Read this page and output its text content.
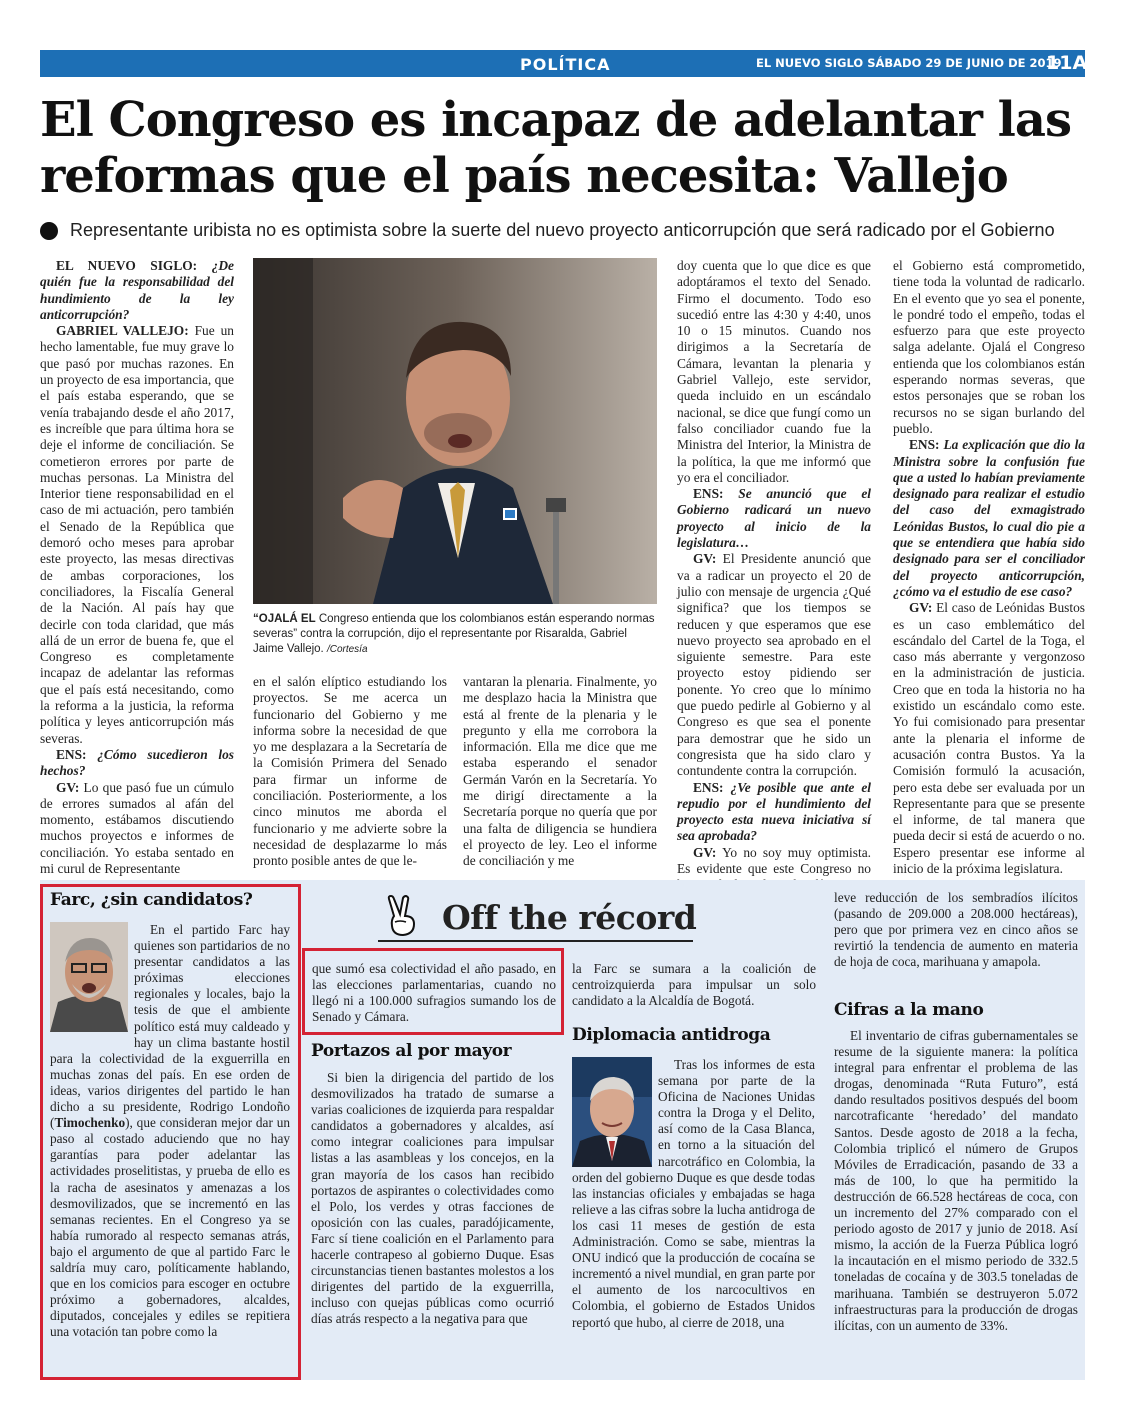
POLÍTICA	EL NUEVO SIGLO SÁBADO 29 DE JUNIO DE 2019
11A
El Congreso es incapaz de adelantar las reformas que el país necesita: Vallejo
Representante uribista no es optimista sobre la suerte del nuevo proyecto anticorrupción que será radicado por el Gobierno

EL NUEVO SIGLO: ¿De quién fue la responsabilidad del hundimiento de la ley anticorrupción?

GABRIEL VALLEJO: Fue un hecho lamentable, fue muy grave lo que pasó por muchas razones. En un proyecto de esa importancia, que el país estaba esperando, que se venía trabajando desde el año 2017, es increíble que para última hora se deje el informe de conciliación. Se cometieron errores por parte de muchas personas. La Ministra del Interior tiene responsabilidad en el caso de mi actuación, pero también el Senado de la República que demoró ocho meses para aprobar este proyecto, las mesas directivas de ambas corporaciones, los conciliadores, la Fiscalía General de la Nación. Al país hay que decirle con toda claridad, que más allá de un error de buena fe, que el Congreso es completamente incapaz de adelantar las reformas que el país está necesitando, como la reforma a la justicia, la reforma política y leyes anticorrupción más severas.

ENS: ¿Cómo sucedieron los hechos?

GV: Lo que pasó fue un cúmulo de errores sumados al afán del momento, estábamos discutiendo muchos proyectos e informes de conciliación. Yo estaba sentado en mi curul de Representante

“OJALÁ EL Congreso entienda que los colombianos están esperando normas severas” contra la corrupción, dijo el representante por Risaralda, Gabriel Jaime Vallejo. /Cortesía

en el salón elíptico estudiando los proyectos. Se me acerca un funcionario del Gobierno y me informa sobre la necesidad de que yo me desplazara a la Secretaría de la Comisión Primera del Senado para firmar un informe de conciliación. Posteriormente, a los cinco minutos me aborda el funcionario y me advierte sobre la necesidad de desplazarme lo más pronto posible antes de que le-

vantaran la plenaria. Finalmente, yo me desplazo hacia la Ministra que está al frente de la plenaria y le pregunto y ella me corrobora la información. Ella me dice que me estaba esperando el senador Germán Varón en la Secretaría. Yo me dirigí directamente a la Secretaría porque no quería que por una falta de diligencia se hundiera el proyecto de ley. Leo el informe de conciliación y me

doy cuenta que lo que dice es que adoptáramos el texto del Senado. Firmo el documento. Todo eso sucedió entre las 4:30 y 4:40, unos 10 o 15 minutos. Cuando nos dirigimos a la Secretaría de Cámara, levantan la plenaria y Gabriel Vallejo, este servidor, queda incluido en un escándalo nacional, se dice que fungí como un falso conciliador cuando fue la Ministra del Interior, la Ministra de la política, la que me informó que yo era el conciliador.

ENS: Se anunció que el Gobierno radicará un nuevo proyecto al inicio de la legislatura…

GV: El Presidente anunció que va a radicar un proyecto el 20 de julio con mensaje de urgencia ¿Qué significa? que los tiempos se reducen y que esperamos que ese nuevo proyecto sea aprobado en el siguiente semestre. Para este proyecto estoy pidiendo ser ponente. Yo creo que lo mínimo que puedo pedirle al Gobierno y al Congreso es que sea el ponente para demostrar que he sido un congresista que ha sido claro y contundente contra la corrupción.

ENS: ¿Ve posible que ante el repudio por el hundimiento del proyecto esta nueva iniciativa sí sea aprobada?

GV: Yo no soy muy optimista. Es evidente que este Congreso no

el Gobierno está comprometido, tiene toda la voluntad de radicarlo. En el evento que yo sea el ponente, le pondré todo el empeño, todas el esfuerzo para que este proyecto salga adelante. Ojalá el Congreso entienda que los colombianos están esperando normas severas, que estos personajes que se roban los recursos no se sigan burlando del pueblo.

ENS: La explicación que dio la Ministra sobre la confusión fue que a usted lo habían previamente designado para realizar el estudio del caso del exmagistrado Leónidas Bustos, lo cual dio pie a que se entendiera que había sido designado para ser el conciliador del proyecto anticorrupción, ¿cómo va el estudio de ese caso?

GV: El caso de Leónidas Bustos es un caso emblemático del escándalo del Cartel de la Toga, el caso más aberrante y vergonzoso en la administración de justicia. Creo que en toda la historia no ha existido un escándalo como este. Yo fui comisionado para presentar ante la plenaria el informe de acusación contra Bustos. Ya la Comisión formuló la acusación, pero esta debe ser evaluada por un Representante para que se presente el informe, de tal manera que pueda decir si está de acuerdo o no. Espero presentar ese informe al inicio de la próxima legislatura.

Off the récord
Farc, ¿sin candidatos?

En el partido Farc hay quienes son partidarios de no presentar candidatos a las próximas elecciones regionales y locales, bajo la tesis de que el ambiente político está muy caldeado y hay un clima bastante hostil para la colectividad de la exguerrilla en muchas zonas del país. En ese orden de ideas, varios dirigentes del partido le han dicho a su presidente, Rodrigo Londoño (Timochenko), que consideran mejor dar un paso al costado aduciendo que no hay garantías para poder adelantar las actividades proselitistas, y prueba de ello es la racha de asesinatos y amenazas a los desmovilizados, que se incrementó en las semanas recientes. En el Congreso ya se había rumorado al respecto semanas atrás, bajo el argumento de que al partido Farc le saldría muy caro, políticamente hablando, que en los comicios para escoger en octubre próximo a gobernadores, alcaldes, diputados, concejales y ediles se repitiera una votación tan pobre como la

que sumó esa colectividad el año pasado, en las elecciones parlamentarias, cuando no llegó ni a 100.000 sufragios sumando los de Senado y Cámara.

Portazos al por mayor

Si bien la dirigencia del partido de los desmovilizados ha tratado de sumarse a varias coaliciones de izquierda para respaldar candidatos a gobernadores y alcaldes, así como integrar coaliciones para impulsar listas a las asambleas y los concejos, en la gran mayoría de los casos han recibido portazos de aspirantes o colectividades como el Polo, los verdes y otras facciones de oposición con las cuales, paradójicamente, Farc sí tiene coalición en el Parlamento para hacerle contrapeso al gobierno Duque. Esas circunstancias tienen bastantes molestos a los dirigentes del partido de la exguerrilla, incluso con quejas públicas como ocurrió días atrás respecto a la negativa para que

la Farc se sumara a la coalición de centroizquierda para impulsar un solo candidato a la Alcaldía de Bogotá.

Diplomacia antidroga

Tras los informes de esta semana por parte de la Oficina de Naciones Unidas contra la Droga y el Delito, así como de la Casa Blanca, en torno a la situación del narcotráfico en Colombia, la orden del gobierno Duque es que desde todas las instancias oficiales y embajadas se haga relieve a las cifras sobre la lucha antidroga de los casi 11 meses de gestión de esta Administración. Como se sabe, mientras la ONU indicó que la producción de cocaína se incrementó a nivel mundial, en gran parte por el aumento de los narcocultivos en Colombia, el gobierno de Estados Unidos reportó que hubo, al cierre de 2018, una

leve reducción de los sembradíos ilícitos (pasando de 209.000 a 208.000 hectáreas), pero que por primera vez en cinco años se revirtió la tendencia de aumento en materia de hoja de coca, marihuana y amapola.

Cifras a la mano

El inventario de cifras gubernamentales se resume de la siguiente manera: la política integral para enfrentar el problema de las drogas, denominada “Ruta Futuro”, está dando resultados positivos después del boom narcotraficante ‘heredado’ del mandato Santos. Desde agosto de 2018 a la fecha, Colombia triplicó el número de Grupos Móviles de Erradicación, pasando de 33 a más de 100, lo que ha permitido la destrucción de 66.528 hectáreas de coca, con un incremento del 27% comparado con el periodo agosto de 2017 y junio de 2018. Así mismo, la acción de la Fuerza Pública logró la incautación en el mismo periodo de 332.5 toneladas de cocaína y de 303.5 toneladas de marihuana. También se destruyeron 5.072 infraestructuras para la producción de drogas ilícitas, con un aumento de 33%.
